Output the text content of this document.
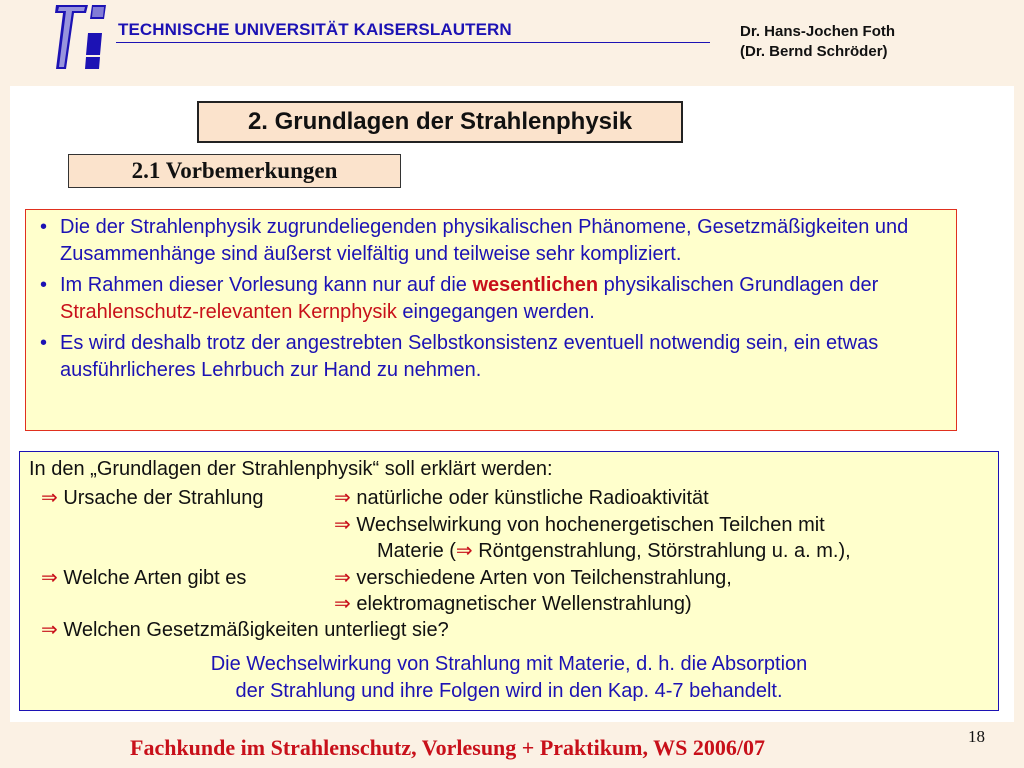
TECHNISCHE UNIVERSITÄT KAISERSLAUTERN	Dr. Hans-Jochen Foth
(Dr. Bernd Schröder)
2. Grundlagen der Strahlenphysik
2.1 Vorbemerkungen
• Die der Strahlenphysik zugrundeliegenden physikalischen Phänomene, Gesetzmäßigkeiten und Zusammenhänge sind äußerst vielfältig und teilweise sehr kompliziert.
• Im Rahmen dieser Vorlesung kann nur auf die wesentlichen physikalischen Grundlagen der Strahlenschutz-relevanten Kernphysik eingegangen werden.
• Es wird deshalb trotz der angestrebten Selbstkonsistenz eventuell notwendig sein, ein etwas ausführlicheres Lehrbuch zur Hand zu nehmen.
In den „Grundlagen der Strahlenphysik“ soll erklärt werden:
⇒ Ursache der Strahlung	⇒ natürliche oder künstliche Radioaktivität
⇒ Wechselwirkung von hochenergetischen Teilchen mit
Materie (⇒ Röntgenstrahlung, Störstrahlung u. a. m.),
⇒ Welche Arten gibt es	⇒ verschiedene Arten von Teilchenstrahlung,
⇒ elektromagnetischer Wellenstrahlung)
⇒ Welchen Gesetzmäßigkeiten unterliegt sie?
Die Wechselwirkung von Strahlung mit Materie, d. h. die Absorption
der Strahlung und ihre Folgen wird in den Kap. 4-7 behandelt.
Fachkunde im Strahlenschutz, Vorlesung + Praktikum, WS 2006/07	18
